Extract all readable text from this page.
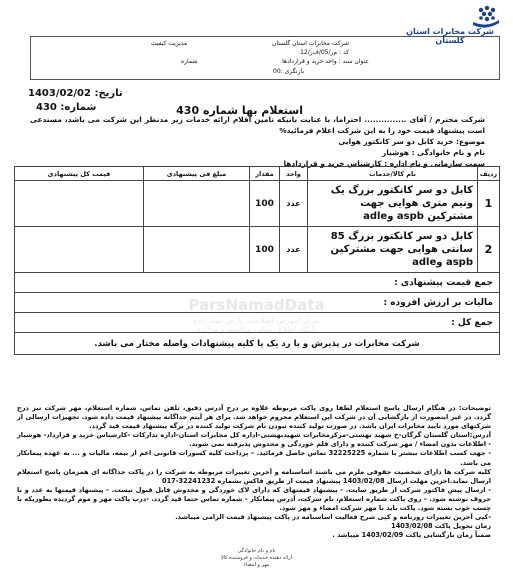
شرکت مخابرات استان گلستان
مدیریت کیفیت	شرکت مخابرات استان گلستان
کد : م‌ر/05/ف‌ر/12
عنوان سند : واحد خرید و قراردادها
شماره
بازنگری :00
تاریخ: 1403/02/02
شماره: 430	استعلام بها شماره 430
شرکت محترم / آقای ............... احتراما، با عنایت بانیکه تامین اقلام ارائه خدمات زیر مدنظر این شرکت می باشد، مستدعی است پیشنهاد قیمت خود را به این شرکت اعلام فرمائید%
موضوع: خرید کابل دو سر کانکتور هوایی
نام و نام خانوادگی : هوشیار
سمت سازمانی و نام اداره : کارشناس خرید و قراردادها
ردیف	نام کالا/خدمات	واحد	مقدار	مبلغ فی پیشنهادی	قیمت کل پیشنهادی
1	کابل دو سر کانکتور بزرگ یک ونیم متری هوایی جهت مشترکین aspb وadle	عدد	100		
2	کابل دو سر کانکتور بزرگ 85 سانتی هوایی جهت مشترکین aspb وadle	عدد	100		
جمع قیمت پیشنهادی :					
مالیات بر ارزش افزوده :					
جمع کل :					
شرکت مخابرات در پذیرش و یا رد یک یا کلیه پیشنهادات واصله مختار می باشد.					
ParsNamadData
مرکز آموزش اطلاعات پارس نماد داده
پایگاه اطلاع رسانی مناقصه و مزایده

توضیحات: در هنگام ارسال پاسخ استعلام لطفا روی پاکت مربوطه علاوه بر درج آدرس دقیق، تلفن تماس، شماره استعلام، مهر شرکت نیز درج گردد. در غیر اینصورت از بازگشایی آن در شرکت این استعلام محروم خواهد شد. برای هر آیتم جداگانه پیشنهاد قیمت داده شود. تجهیزات ارسالی از شرکتهای مورد تایید مخابرات ایران باشد. در صورت تولید کننده نبودن نام شرکت تولید کننده در برگه پیشنهاد قیمت قید گردد.

آدرس:استان گلستان گرگان-خ شهید بهشتی-مرکزمخابرات شهیدبهشتی-اداره کل مخابرات استان-اداره تدارکات -کارشناس خرید و قرارداد- هوشیار - اطلاعات بدون امضاء / مهر شرکت کننده و دارای قلم خوردگی و مخدوش پذیرفته نمی شوند.

- جهت کسب اطلاعات بیشتر با شماره 32225225 تماس حاصل فرمائید. – پرداخت کلیه کسورات قانونی اعم از بیمه، مالیات و ... به عهده پیمانکار می باشد.

کلیه شرکت ها دارای شخصیت حقوقی ملزم می باشند اساسنامه و آخرین تغییرات مربوطه به شرکت را در پاکت جداگانه ای همزمان پاسخ استعلام ارسال نماید.اخرین مهلت ارسال 1403/02/08 پیشنهاد قیمت از طریق فاکس بشماره 32241232-017

- ارسال پیش فاکتور شرکت از طریق سایت. - پیشنهاد قیمتهای که دارای لاک خوردگی و مخدوش قابل قبول نیست. - پیشنهاد قیمتها به عدد و با حروف نوشته شود. – روی پاکت شماره استعلام، نام شرکت، آدرس پیمانکار - شماره تماس حتما قید گردد. -درب پاکت مهر و موم گردیده بطوریکه با چسب خوب بسته شود. پاکت باید با مهر شرکت امضاء و مهر شود.

-کپی آخرین تغییرات روزنامه و کپی شرح فعالیت اساسنامه در پاکت پیشنهاد قیمت الزامی میباشد.

زمان تحویل پاکت 1403/02/08

ضمناً زمان بازگشایی پاکت 1403/02/09 میباشد .

نام و نام خانوادگی
ارائه دهنده خدمات و فروشنده کالا
مهر و امضاء
